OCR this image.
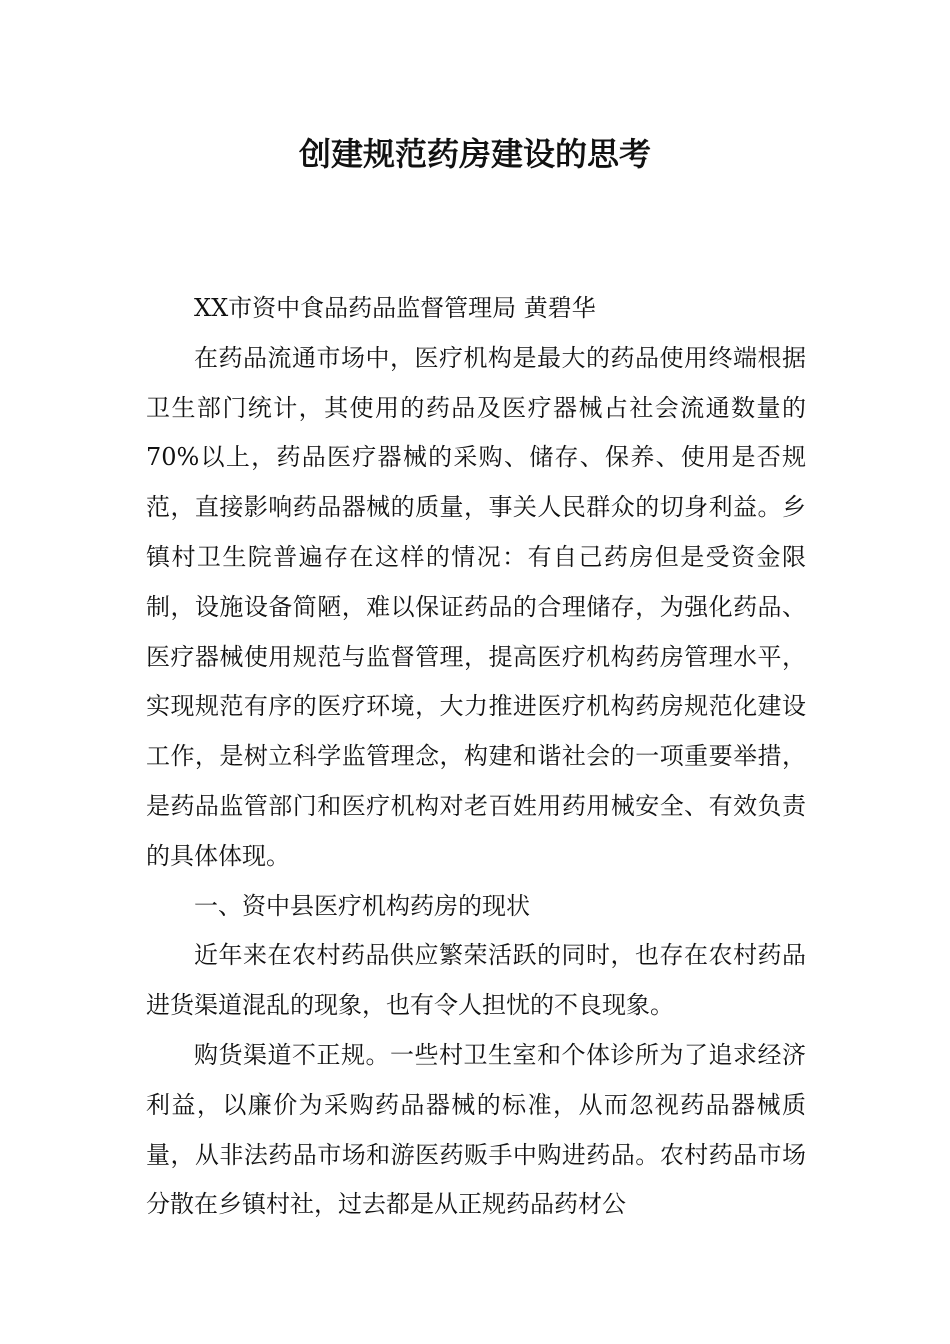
创建规范药房建设的思考

XX市资中食品药品监督管理局 黄碧华

在药品流通市场中，医疗机构是最大的药品使用终端根据卫生部门统计，其使用的药品及医疗器械占社会流通数量的70%以上，药品医疗器械的采购、储存、保养、使用是否规范，直接影响药品器械的质量，事关人民群众的切身利益。乡镇村卫生院普遍存在这样的情况：有自己药房但是受资金限制，设施设备简陋，难以保证药品的合理储存，为强化药品、医疗器械使用规范与监督管理，提高医疗机构药房管理水平，实现规范有序的医疗环境，大力推进医疗机构药房规范化建设工作，是树立科学监管理念，构建和谐社会的一项重要举措，是药品监管部门和医疗机构对老百姓用药用械安全、有效负责的具体体现。

一、资中县医疗机构药房的现状

近年来在农村药品供应繁荣活跃的同时，也存在农村药品进货渠道混乱的现象，也有令人担忧的不良现象。

购货渠道不正规。一些村卫生室和个体诊所为了追求经济利益，以廉价为采购药品器械的标准，从而忽视药品器械质量，从非法药品市场和游医药贩手中购进药品。农村药品市场分散在乡镇村社，过去都是从正规药品药材公
